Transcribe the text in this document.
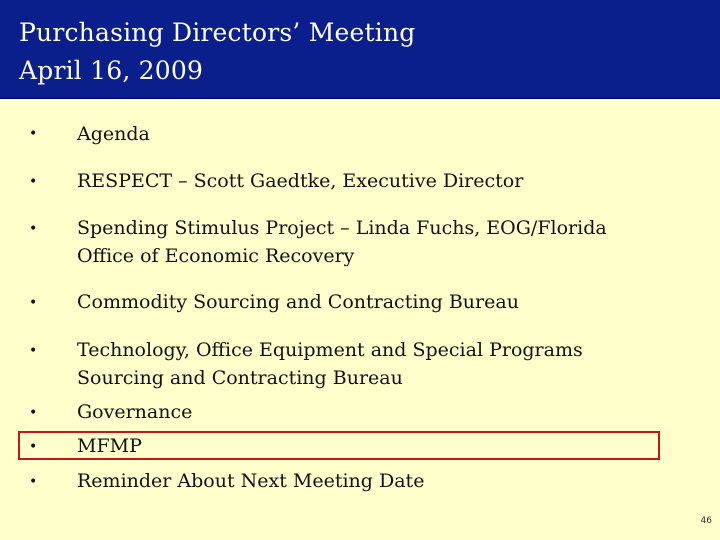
Purchasing Directors’ Meeting
April 16, 2009
• Agenda
• RESPECT – Scott Gaedtke, Executive Director
• Spending Stimulus Project – Linda Fuchs, EOG/Florida
Office of Economic Recovery
• Commodity Sourcing and Contracting Bureau
• Technology, Office Equipment and Special Programs
Sourcing and Contracting Bureau
• Governance
• MFMP
• Reminder About Next Meeting Date
46
